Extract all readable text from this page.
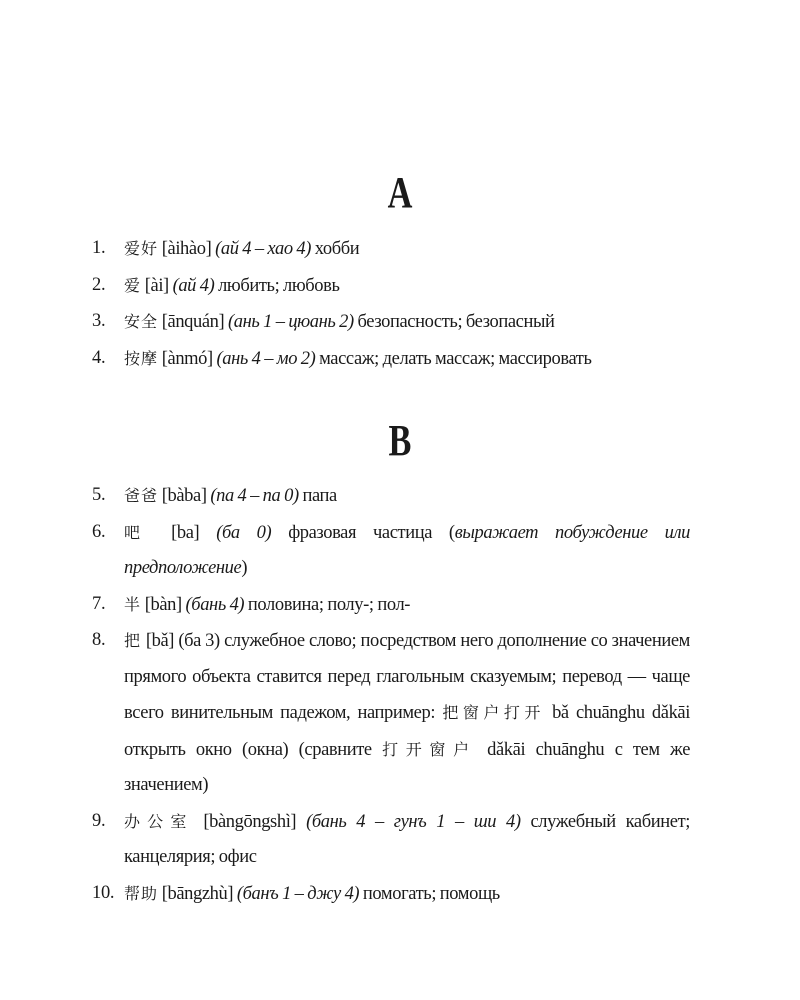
A
1.	爱好 [àihào] (ай 4 – хао 4) хобби
2.	爱 [ài] (ай 4) любить; любовь
3.	安全 [ānquán] (ань 1 – цюань 2) безопасность; безопасный
4.	按摩 [ànmó] (ань 4 – мо 2) массаж; делать массаж; массировать
B
5.	爸爸 [bàba] (па 4 – па 0) папа
6.	吧 [ba] (ба 0) фразовая частица (выражает побуждение или предположение)
7.	半 [bàn] (бань 4) половина; полу-; пол-
8.	把 [bǎ] (ба 3) служебное слово; посредством него дополнение со значением прямого объекта ставится перед глагольным сказуемым; перевод — чаще всего винительным падежом, например: 把窗户打开 bǎ chuānghu dǎkāi открыть окно (окна) (сравните 打开窗户 dǎkāi chuānghu с тем же значением)
9.	办公室 [bàngōngshì] (бань 4 – гунъ 1 – ши 4) служебный кабинет; канцелярия; офис
10. 帮助 [bāngzhù] (банъ 1 – джу 4) помогать; помощь
